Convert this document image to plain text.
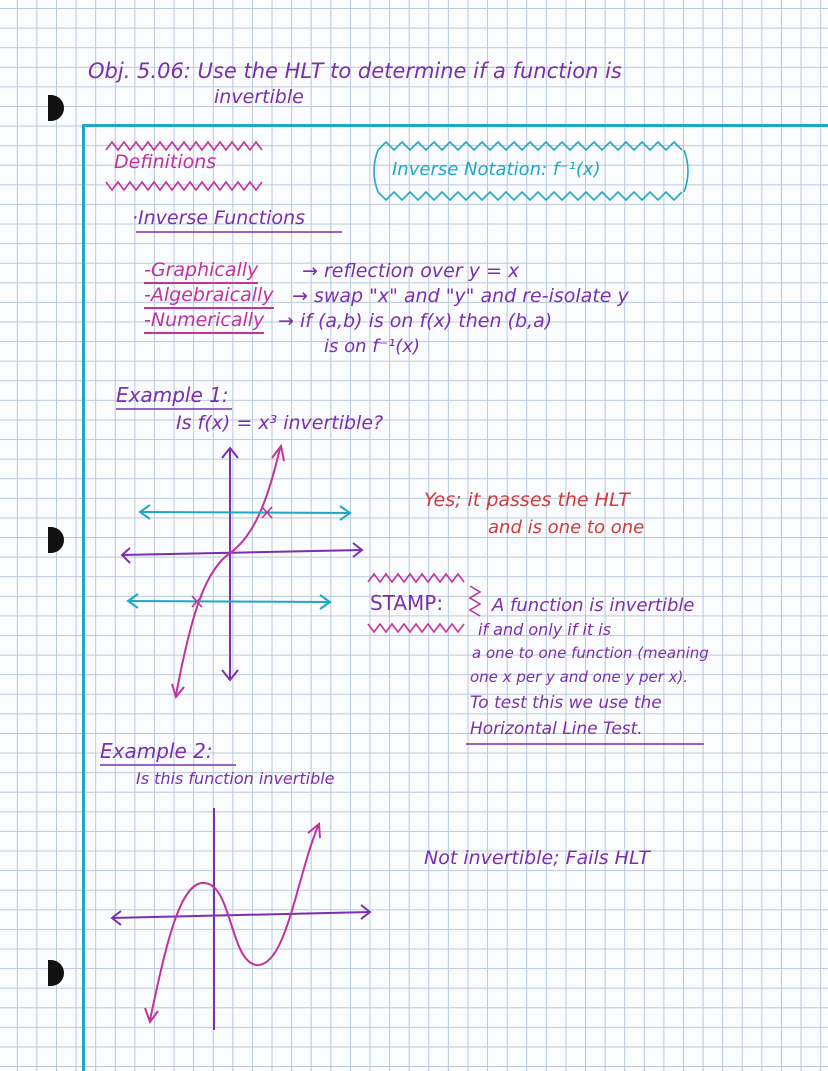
Obj. 5.06: Use the HLT to determine if a function is
invertible
Definitions	Inverse Notation: f⁻¹(x)
·Inverse Functions
-Graphically → reflection over y = x
-Algebraically → swap "x" and "y" and re-isolate y
-Numerically → if (a,b) is on f(x) then (b,a)
is on f⁻¹(x)
Example 1:
Is f(x) = x³ invertible?
Yes; it passes the HLT
and is one to one
STAMP:	A function is invertible
if and only if it is
a one to one function (meaning
one x per y and one y per x).
To test this we use the
Horizontal Line Test.
Example 2:
Is this function invertible
Not invertible; Fails HLT
